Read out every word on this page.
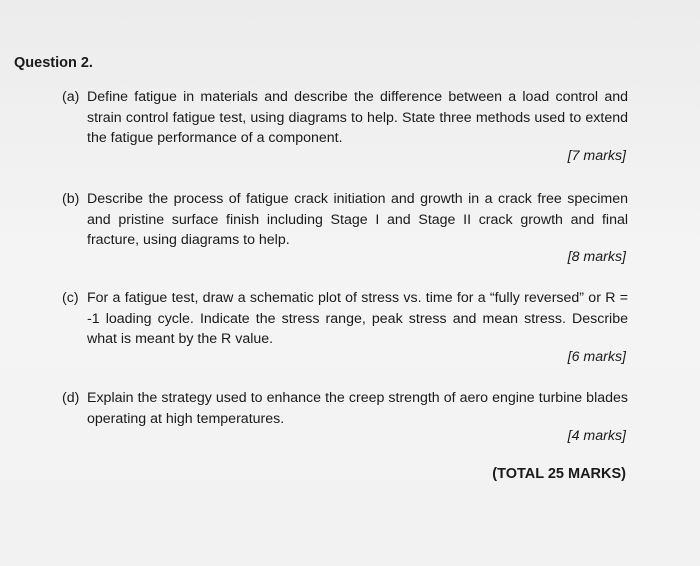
Question 2.
(a) Define fatigue in materials and describe the difference between a load control and strain control fatigue test, using diagrams to help. State three methods used to extend the fatigue performance of a component.
[7 marks]
(b) Describe the process of fatigue crack initiation and growth in a crack free specimen and pristine surface finish including Stage I and Stage II crack growth and final fracture, using diagrams to help.
[8 marks]
(c) For a fatigue test, draw a schematic plot of stress vs. time for a “fully reversed” or R = -1 loading cycle. Indicate the stress range, peak stress and mean stress. Describe what is meant by the R value.
[6 marks]
(d) Explain the strategy used to enhance the creep strength of aero engine turbine blades operating at high temperatures.
[4 marks]
(TOTAL 25 MARKS)
